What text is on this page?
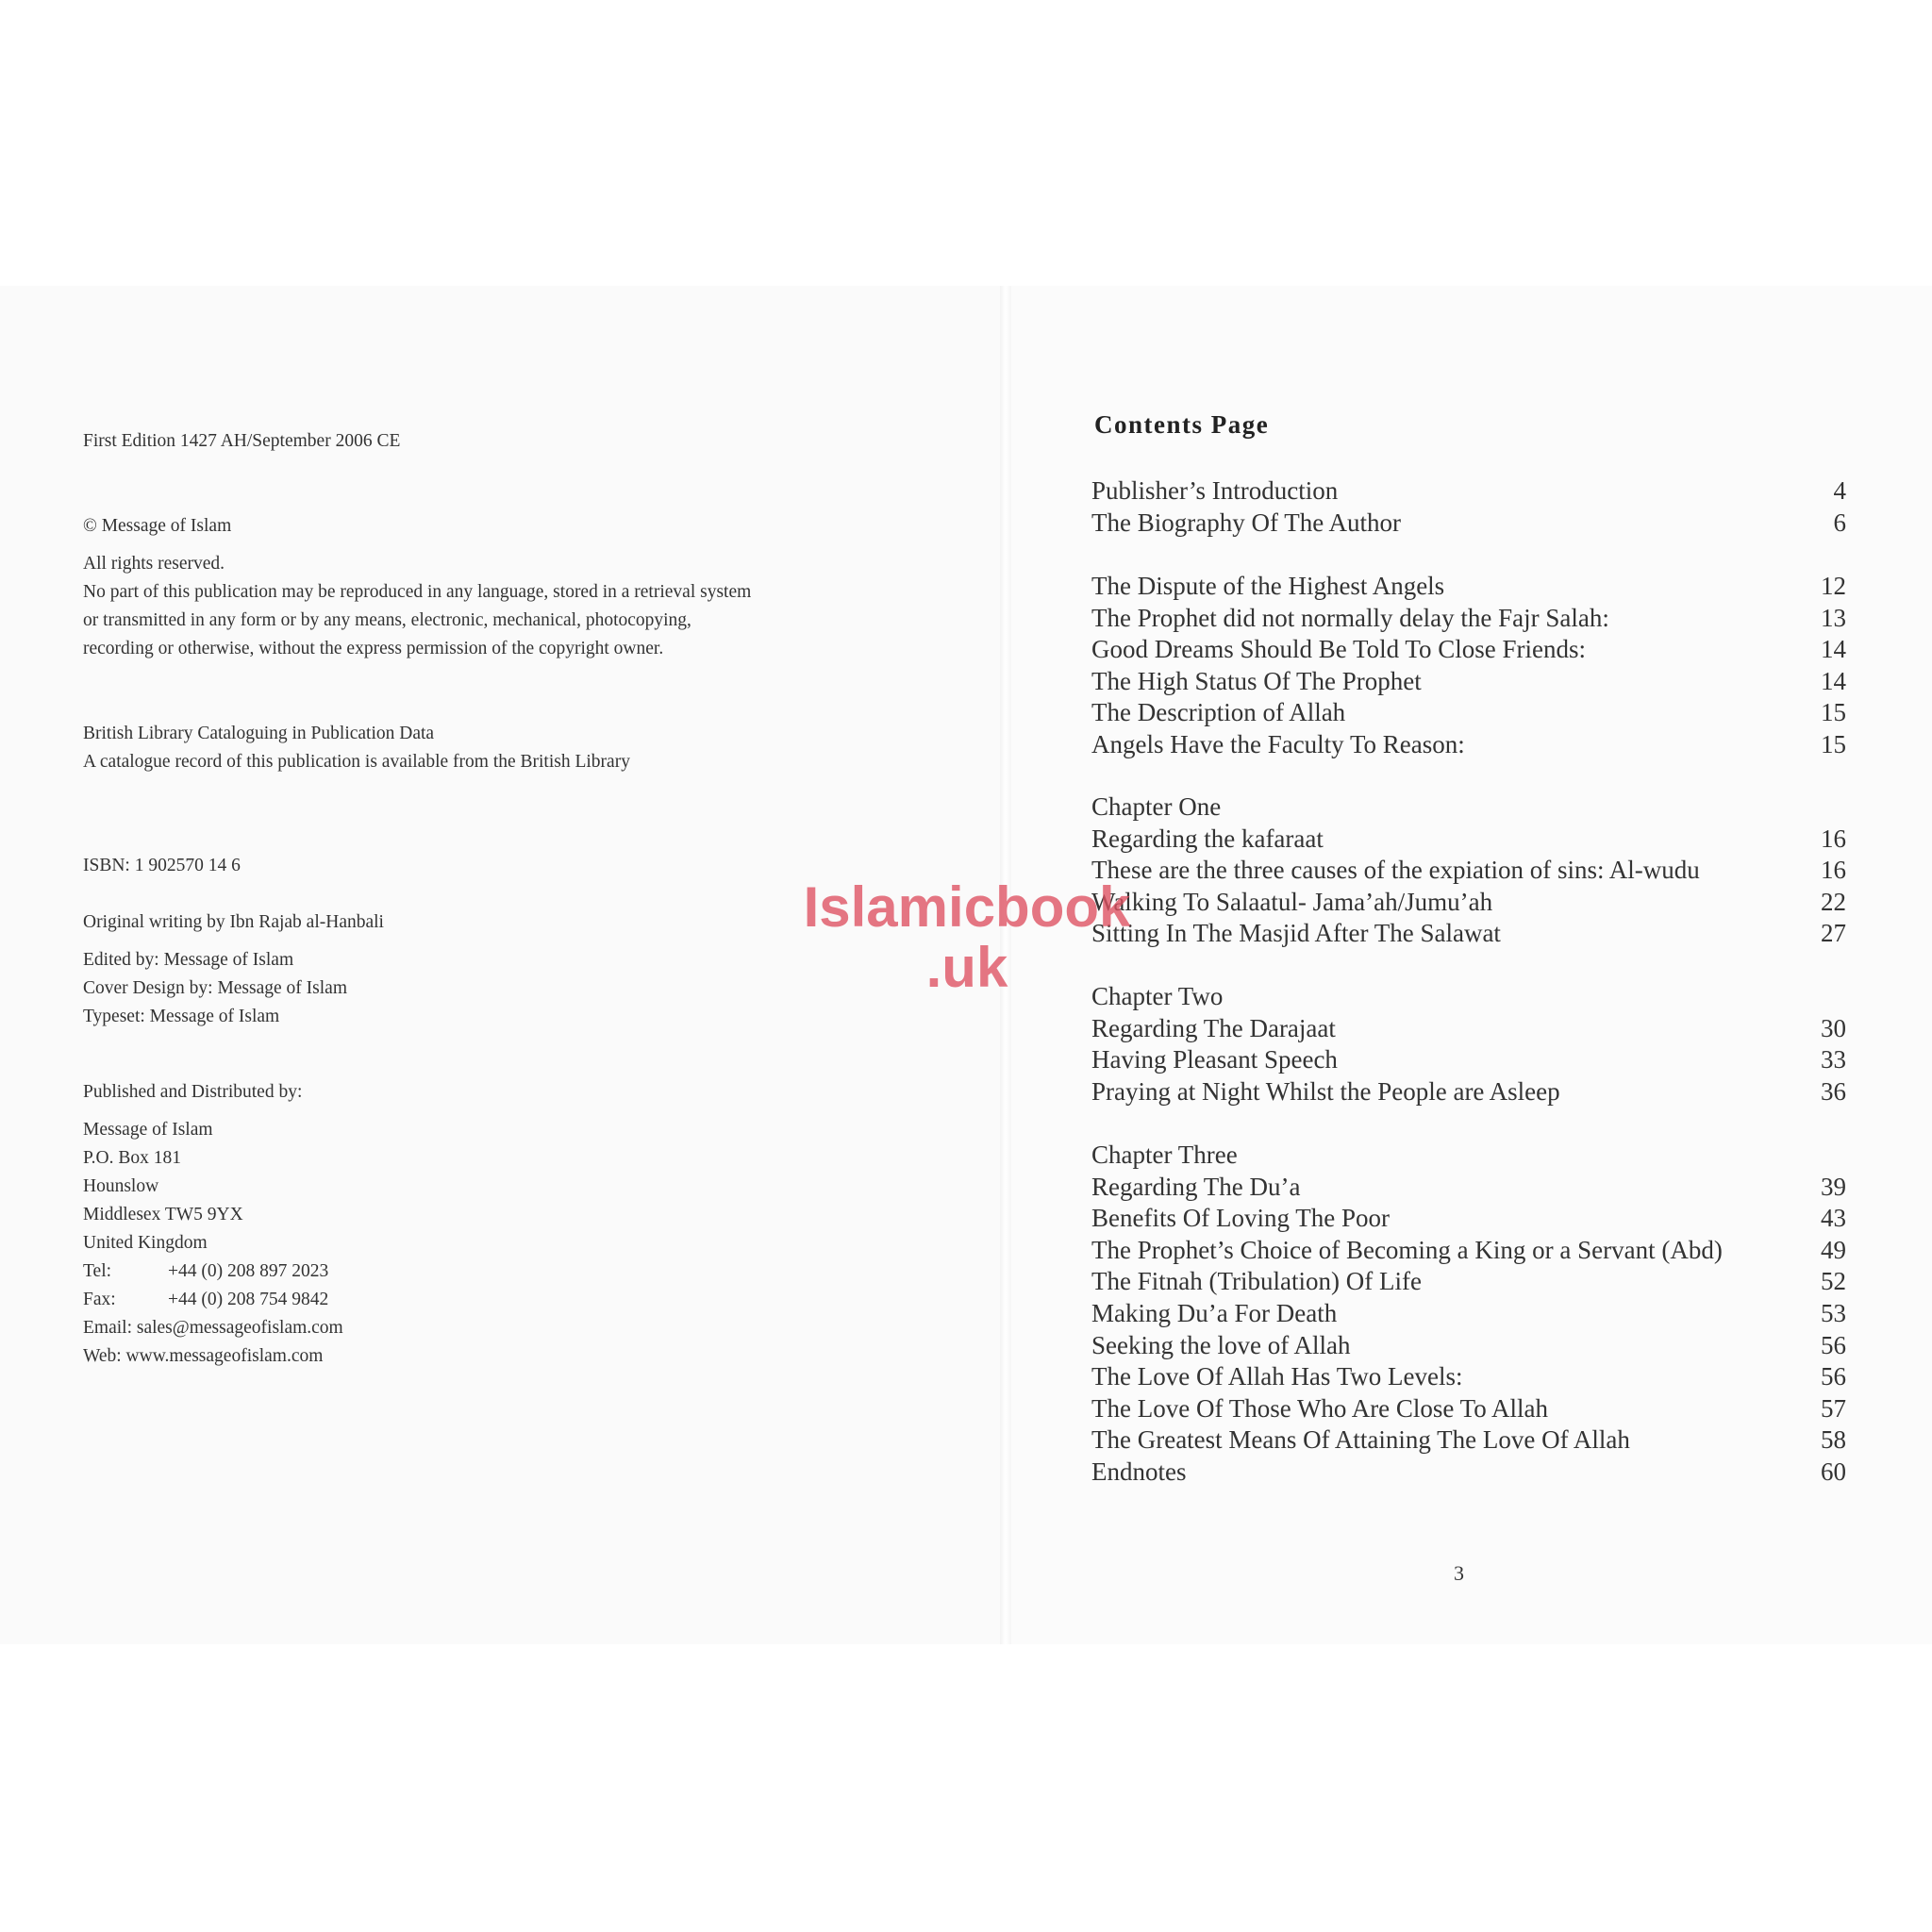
First Edition 1427 AH/September 2006 CE

© Message of Islam

All rights reserved.

No part of this publication may be reproduced in any language, stored in a retrieval system

or transmitted in any form or by any means, electronic, mechanical, photocopying,

recording or otherwise, without the express permission of the copyright owner.

British Library Cataloguing in Publication Data

A catalogue record of this publication is available from the British Library

ISBN: 1 902570 14 6

Original writing by Ibn Rajab al-Hanbali

Edited by: Message of Islam

Cover Design by: Message of Islam

Typeset: Message of Islam

Published and Distributed by:

Message of Islam

P.O. Box 181

Hounslow

Middlesex TW5 9YX

United Kingdom

Tel:	+44 (0) 208 897 2023
Fax:	+44 (0) 208 754 9842

Email: sales@messageofislam.com

Web: www.messageofislam.com

Contents Page
Publisher’s Introduction	4
The Biography Of The Author	6
The Dispute of the Highest Angels	12
The Prophet did not normally delay the Fajr Salah:	13
Good Dreams Should Be Told To Close Friends:	14
The High Status Of The Prophet	14
The Description of Allah	15
Angels Have the Faculty To Reason:	15
Chapter One
Regarding the kafaraat	16
These are the three causes of the expiation of sins: Al-wudu	16
Walking To Salaatul- Jama’ah/Jumu’ah	22
Sitting In The Masjid After The Salawat	27
Chapter Two
Regarding The Darajaat	30
Having Pleasant Speech	33
Praying at Night Whilst the People are Asleep	36
Chapter Three
Regarding The Du’a	39
Benefits Of Loving The Poor	43
The Prophet’s Choice of Becoming a King or a Servant (Abd)	49
The Fitnah (Tribulation) Of Life	52
Making Du’a For Death	53
Seeking the love of Allah	56
The Love Of Allah Has Two Levels:	56
The Love Of Those Who Are Close To Allah	57
The Greatest Means Of Attaining The Love Of Allah	58
Endnotes	60
3
Islamicbook
.uk
